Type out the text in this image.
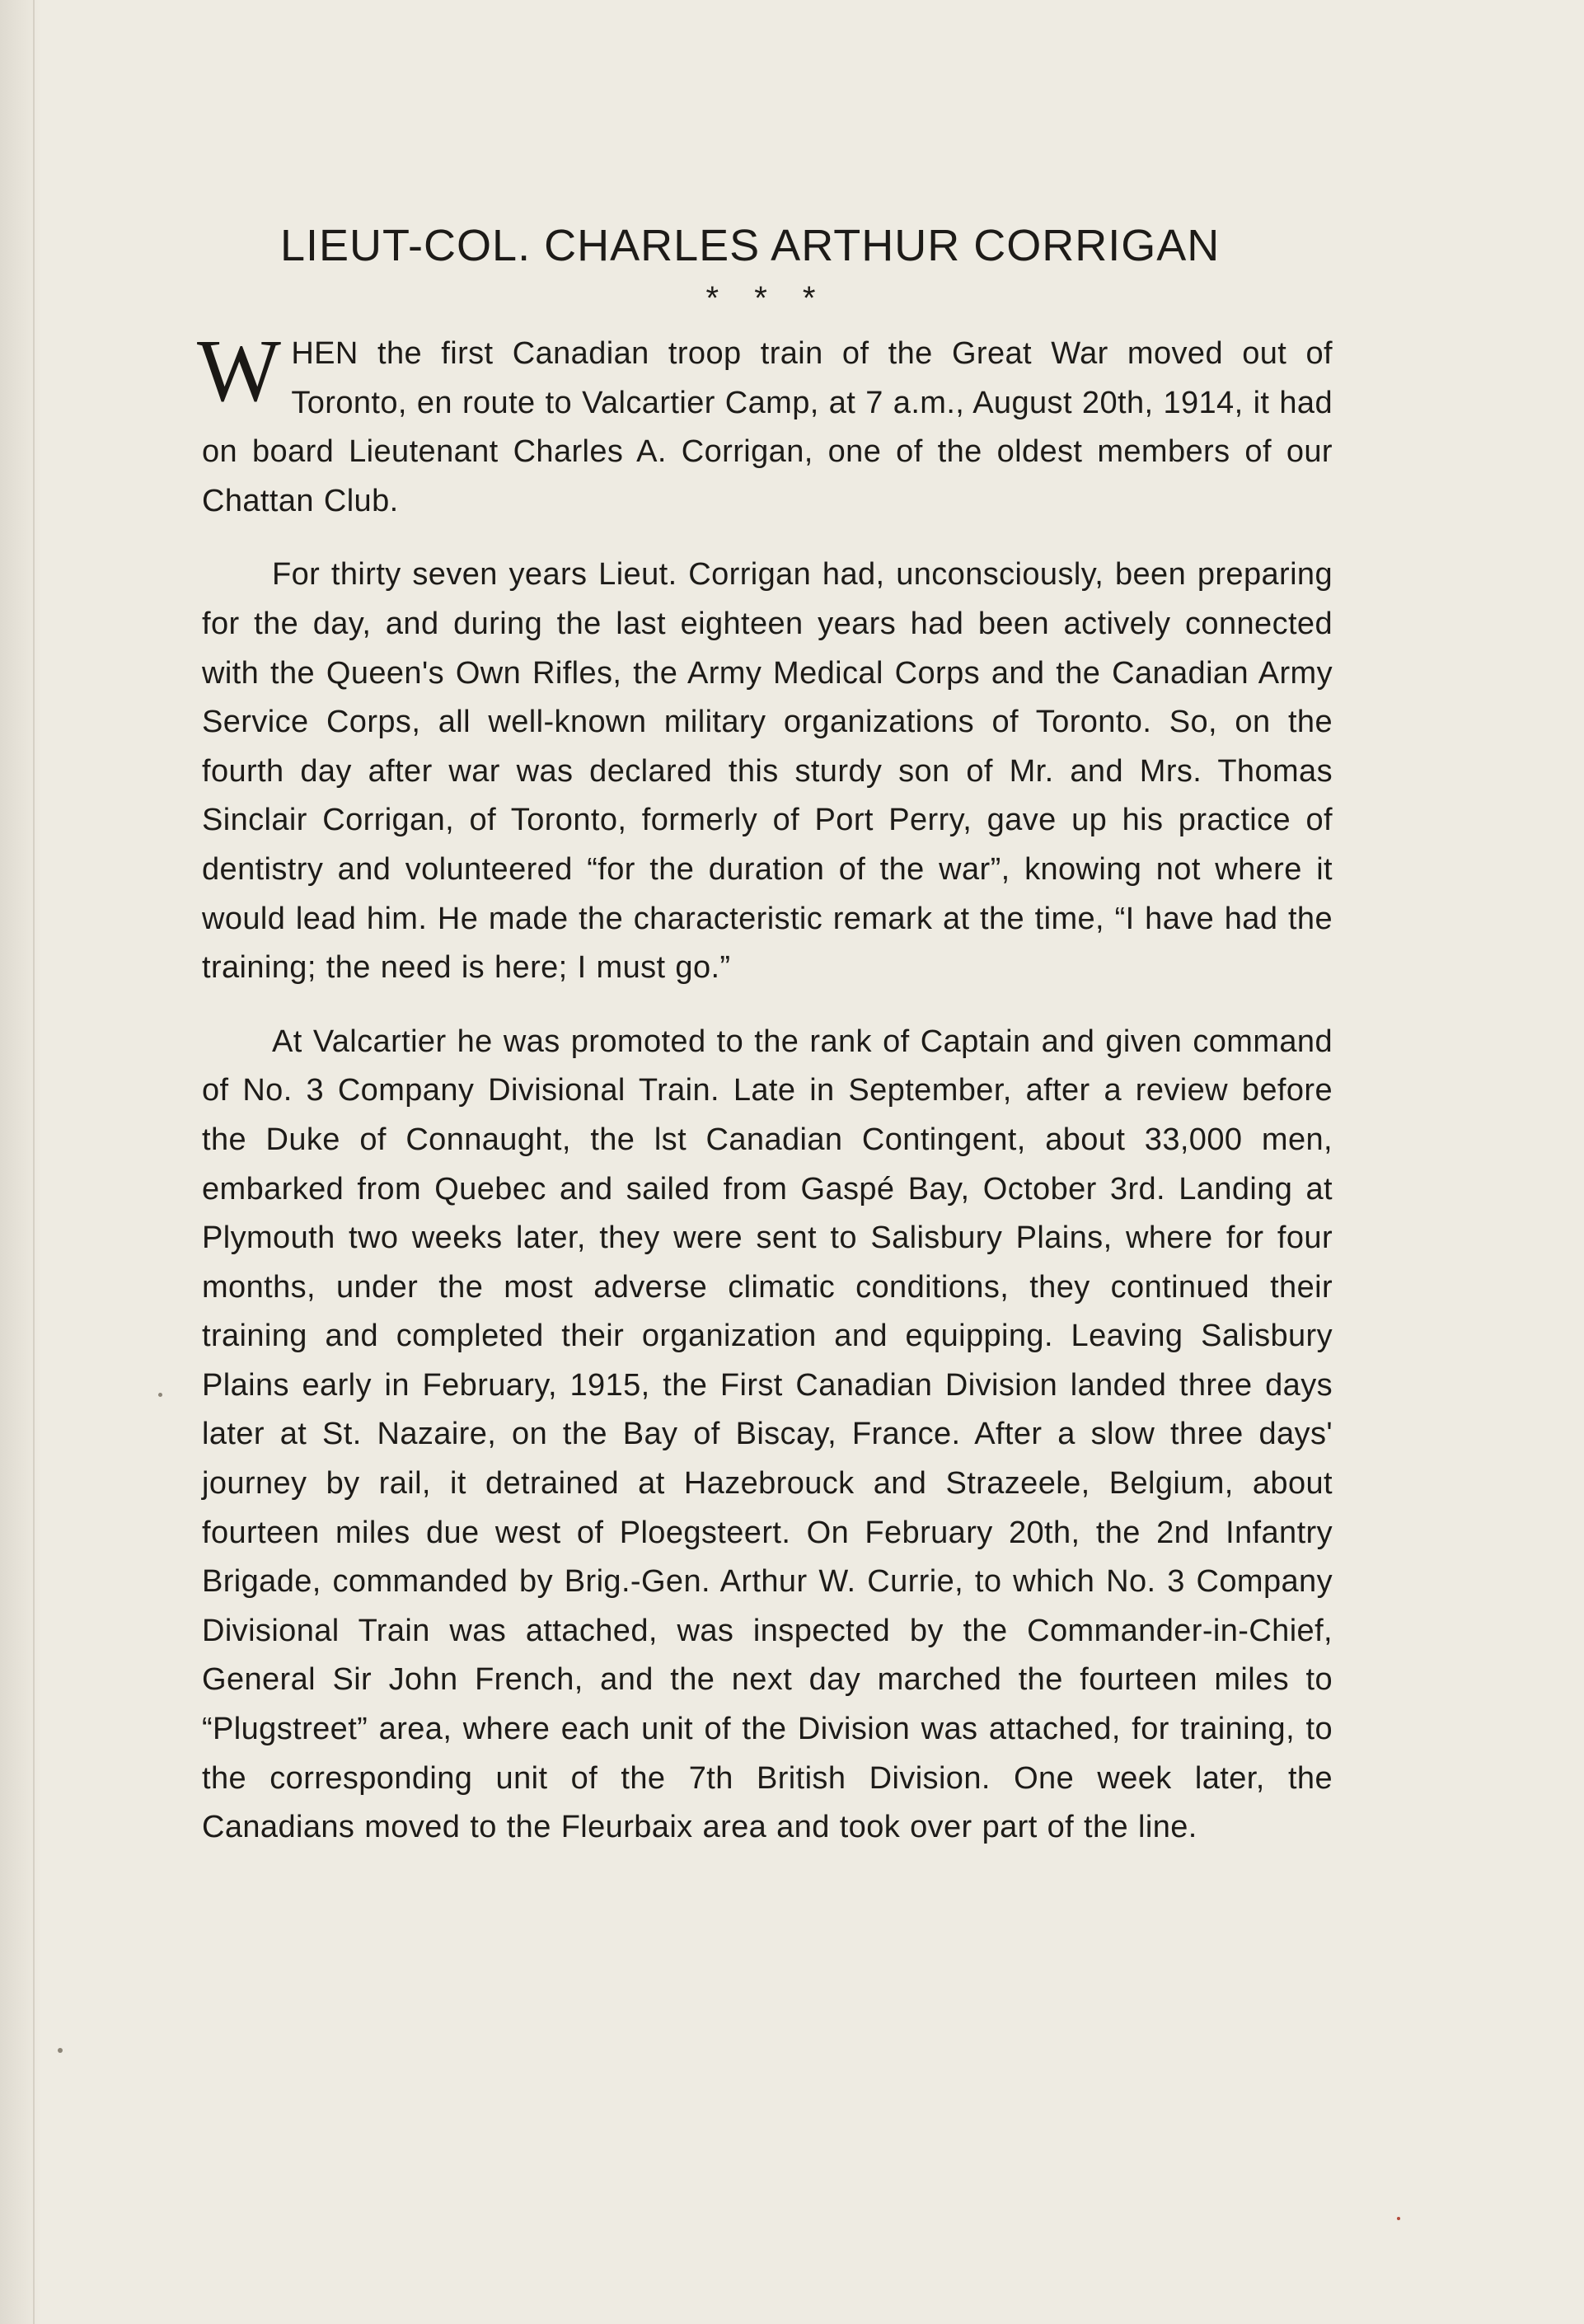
LIEUT-COL. CHARLES ARTHUR CORRIGAN
* * *

WHEN the first Canadian troop train of the Great War moved out of Toronto, en route to Valcartier Camp, at 7 a.m., August 20th, 1914, it had on board Lieutenant Charles A. Corrigan, one of the oldest members of our Chattan Club.

For thirty seven years Lieut. Corrigan had, unconsciously, been preparing for the day, and during the last eighteen years had been actively connected with the Queen's Own Rifles, the Army Medical Corps and the Canadian Army Service Corps, all well-known military organizations of Toronto. So, on the fourth day after war was declared this sturdy son of Mr. and Mrs. Thomas Sinclair Corrigan, of Toronto, formerly of Port Perry, gave up his practice of dentistry and volunteered “for the duration of the war”, knowing not where it would lead him. He made the characteristic remark at the time, “I have had the training; the need is here; I must go.”

At Valcartier he was promoted to the rank of Captain and given command of No. 3 Company Divisional Train. Late in September, after a review before the Duke of Connaught, the lst Canadian Contingent, about 33,000 men, embarked from Quebec and sailed from Gaspé Bay, October 3rd. Landing at Plymouth two weeks later, they were sent to Salisbury Plains, where for four months, under the most adverse climatic conditions, they continued their training and completed their organization and equipping. Leaving Salisbury Plains early in February, 1915, the First Canadian Division landed three days later at St. Nazaire, on the Bay of Biscay, France. After a slow three days' journey by rail, it detrained at Hazebrouck and Strazeele, Belgium, about fourteen miles due west of Ploegsteert. On February 20th, the 2nd Infantry Brigade, commanded by Brig.-Gen. Arthur W. Currie, to which No. 3 Company Divisional Train was attached, was inspected by the Commander-in-Chief, General Sir John French, and the next day marched the fourteen miles to “Plugstreet” area, where each unit of the Division was attached, for training, to the corresponding unit of the 7th British Division. One week later, the Canadians moved to the Fleurbaix area and took over part of the line.
